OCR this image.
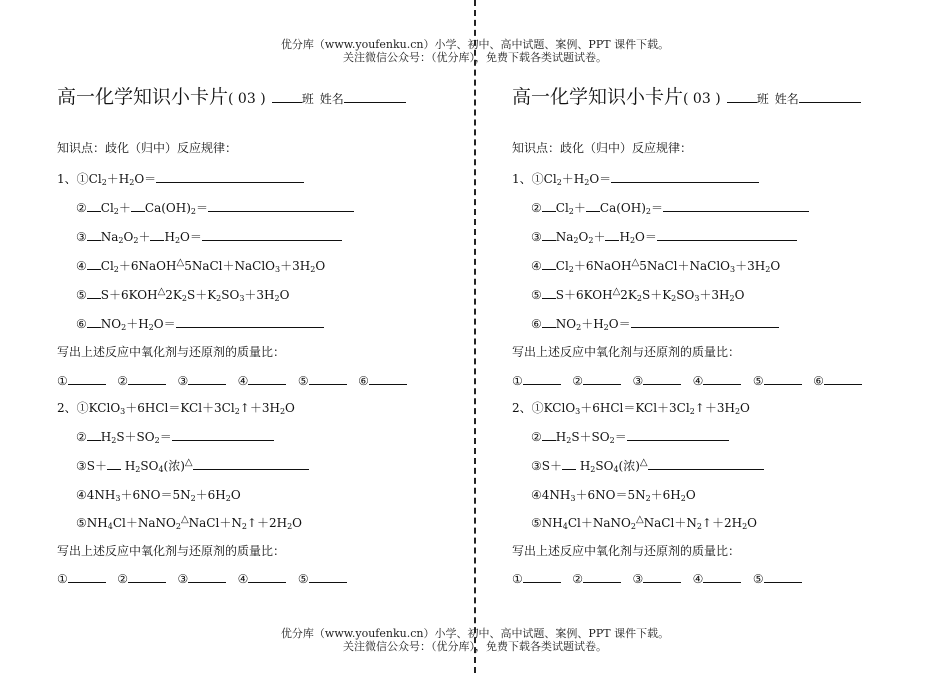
优分库（www.youfenku.cn）小学、初中、高中试题、案例、PPT 课件下载。
关注微信公众号：（优分库），免费下载各类试题试卷。
高一化学知识小卡片( 03 )	班 姓名
知识点：歧化（归中）反应规律：
1、$①Cl_2+H_2O=$
② $Cl_2+ Ca(OH)_2=$
③ $Na_2O_2+ H_2O=$
④ $Cl_2+6NaOH^\triangle 5NaCl+NaClO_3+3H_2O$
⑤ $S+6KOH^\triangle 2K_2S+K_2SO_3+3H_2O$
⑥ $NO_2+H_2O=$
写出上述反应中氧化剂与还原剂的质量比：
①	②	③	④	⑤	⑥
2、$①KClO_3+6HCl=KCl+3Cl_2↑+3H_2O$
② $H_2S+SO_2=$
③S＋ $H_2SO_4$(浓)△
$④4NH_3+6NO=5N_2+6H_2O$
$⑤NH_4Cl+NaNO_2^\triangle NaCl+N_2↑+2H_2O$
写出上述反应中氧化剂与还原剂的质量比：
①	②	③	④	⑤
高一化学知识小卡片( 03 )	班 姓名
知识点：歧化（归中）反应规律：
1、$①Cl_2+H_2O=$
② $Cl_2+ Ca(OH)_2=$
③ $Na_2O_2+ H_2O=$
④ $Cl_2+6NaOH^\triangle 5NaCl+NaClO_3+3H_2O$
⑤ $S+6KOH^\triangle 2K_2S+K_2SO_3+3H_2O$
⑥ $NO_2+H_2O=$
写出上述反应中氧化剂与还原剂的质量比：
①	②	③	④	⑤	⑥
2、$①KClO_3+6HCl=KCl+3Cl_2↑+3H_2O$
② $H_2S+SO_2=$
③S＋ $H_2SO_4$(浓)△
$④4NH_3+6NO=5N_2+6H_2O$
$⑤NH_4Cl+NaNO_2^\triangle NaCl+N_2↑+2H_2O$
写出上述反应中氧化剂与还原剂的质量比：
①	②	③	④	⑤
优分库（www.youfenku.cn）小学、初中、高中试题、案例、PPT 课件下载。
关注微信公众号：（优分库），免费下载各类试题试卷。
